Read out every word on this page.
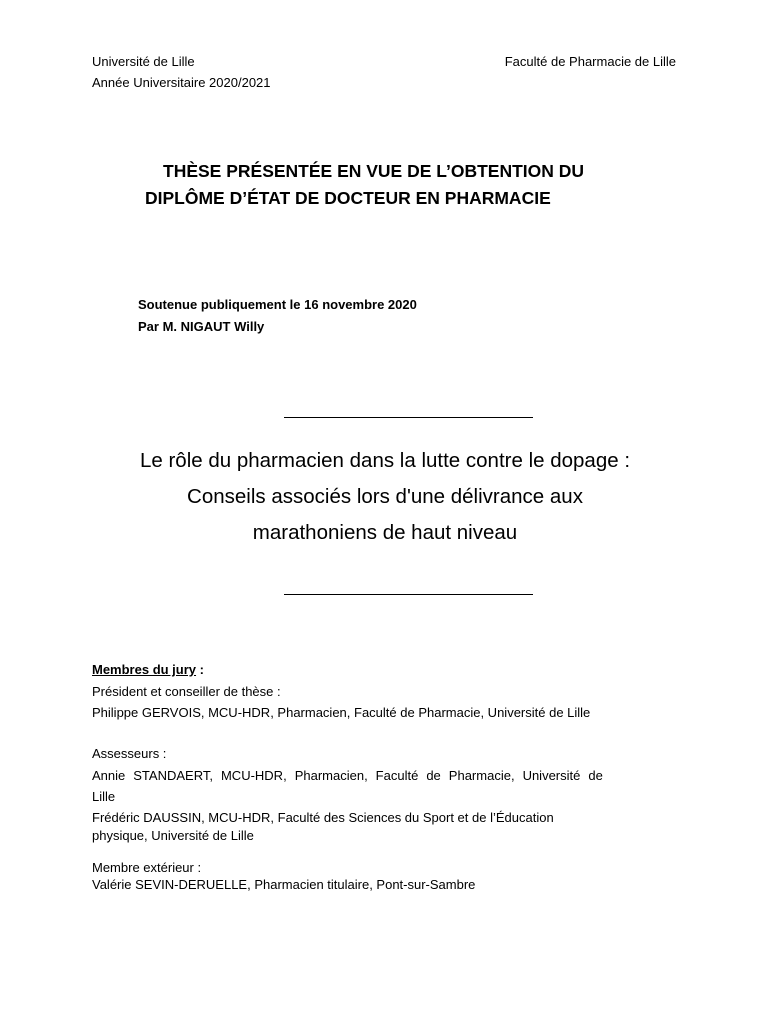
Université de Lille
Année Universitaire 2020/2021
Faculté de Pharmacie de Lille
THÈSE PRÉSENTÉE EN VUE DE L’OBTENTION DU
DIPLÔME D’ÉTAT DE DOCTEUR EN PHARMACIE
Soutenue publiquement le 16 novembre 2020
Par M. NIGAUT Willy
Le rôle du pharmacien dans la lutte contre le dopage :
Conseils associés lors d'une délivrance aux
marathoniens de haut niveau
Membres du jury :
Président et conseiller de thèse :
Philippe GERVOIS, MCU-HDR, Pharmacien, Faculté de Pharmacie, Université de Lille
Assesseurs :
Annie STANDAERT, MCU-HDR, Pharmacien, Faculté de Pharmacie, Université de
Lille
Frédéric DAUSSIN, MCU-HDR, Faculté des Sciences du Sport et de l’Éducation
physique, Université de Lille
Membre extérieur :
Valérie SEVIN-DERUELLE, Pharmacien titulaire, Pont-sur-Sambre
